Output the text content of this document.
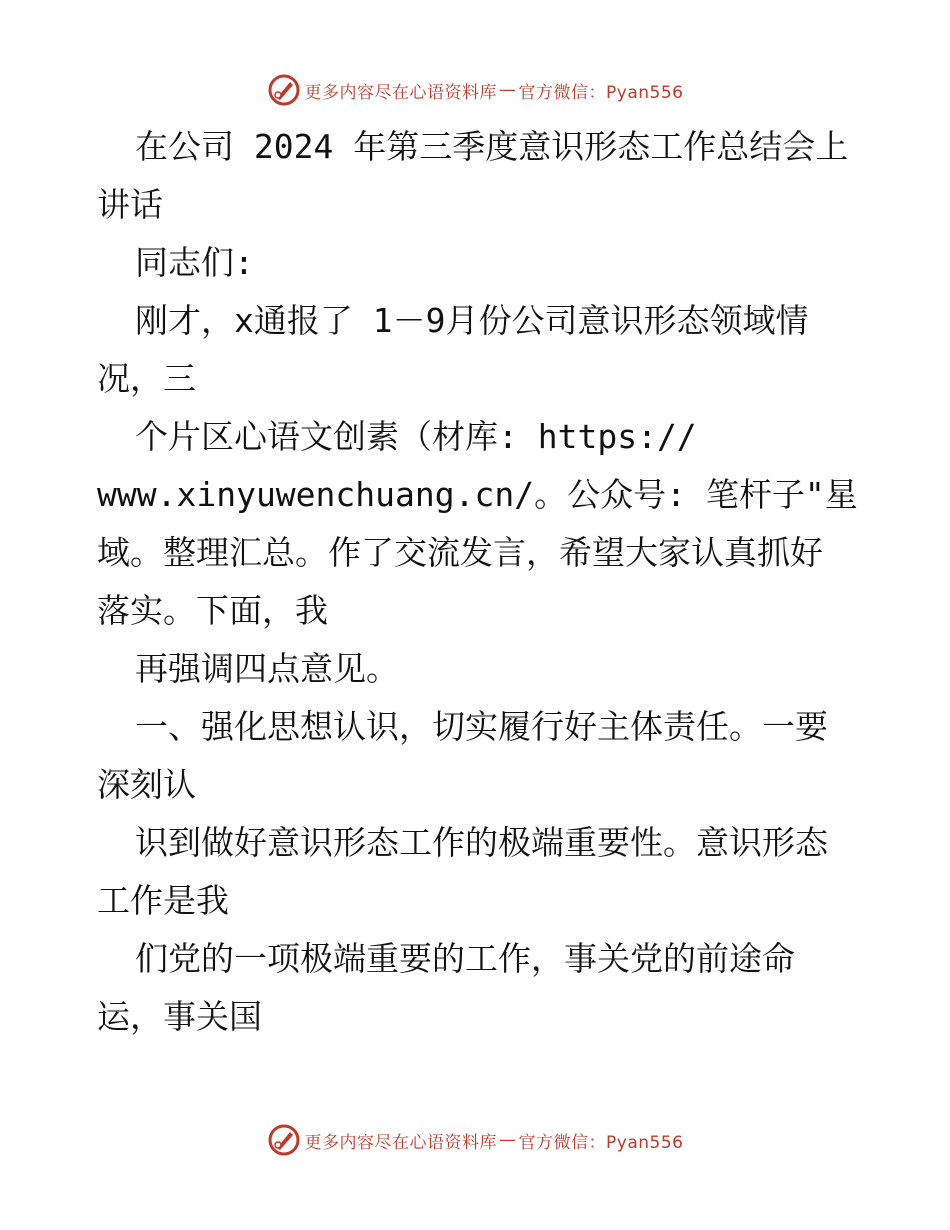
更多内容尽在心语资料库 — 官方微信：Pyan556
在公司 2024 年第三季度意识形态工作总结会上
讲话
同志们:
刚才，x通报了 1－9月份公司意识形态领域情
况，三
个片区心语文创素（材库: https://
www.xinyuwenchuang.cn/。公众号: 笔杆子"星
域。整理汇总。作了交流发言，希望大家认真抓好
落实。下面，我
再强调四点意见。
一、强化思想认识，切实履行好主体责任。一要
深刻认
识到做好意识形态工作的极端重要性。意识形态
工作是我
们党的一项极端重要的工作，事关党的前途命
运，事关国
更多内容尽在心语资料库 — 官方微信：Pyan556
